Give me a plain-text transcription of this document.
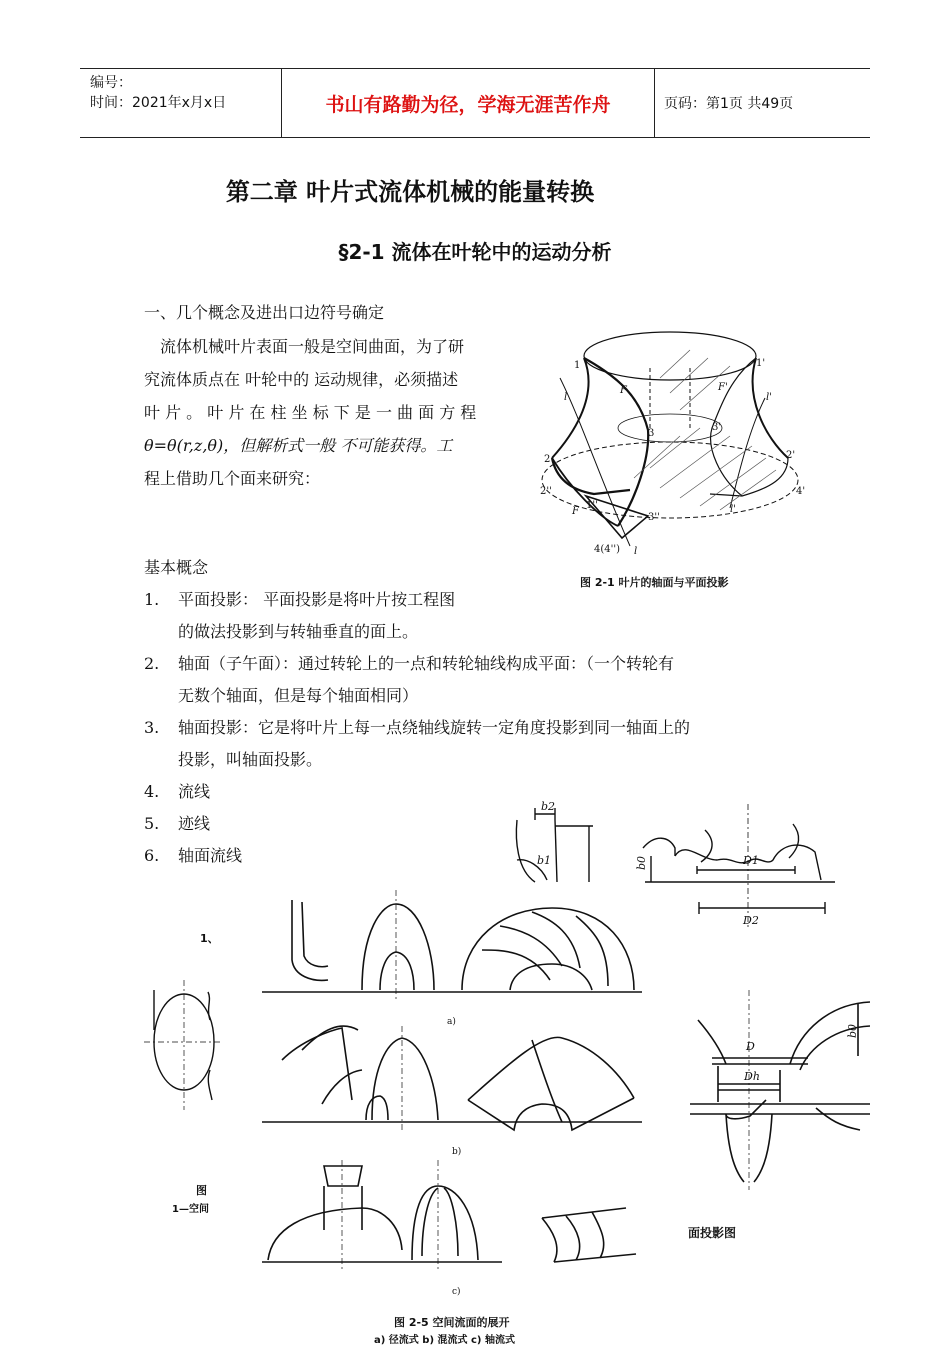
编号：
时间：2021年x月x日	书山有路勤为径，学海无涯苦作舟	页码：第1页 共49页
第二章 叶片式流体机械的能量转换
§2-1 流体在叶轮中的运动分析
一、几个概念及进出口边符号确定
流体机械叶片表面一般是空间曲面，为了研
究流体质点在 叶轮中的 运动规律，必须描述
叶 片 。 叶 片 在 柱 坐 标 下 是 一 曲 面 方 程
θ=θ(r,z,θ)，但解析式一般 不可能获得。工
程上借助几个面来研究：
1	1'
F	F'
l	l'
2	2'
2''
3
3'
3''
4(4'')
4'
F
1''	l'
l
图 2-1 叶片的轴面与平面投影
基本概念
1. 平面投影： 平面投影是将叶片按工程图
的做法投影到与转轴垂直的面上。
2. 轴面（子午面）：通过转轮上的一点和转轮轴线构成平面：（一个转轮有
无数个轴面，但是每个轴面相同）
3. 轴面投影：它是将叶片上每一点绕轴线旋转一定角度投影到同一轴面上的
投影，叫轴面投影。
4. 流线
5. 迹线
6. 轴面流线
b2
b1	b0	D1
D2
a)
b)
c)
D
Dh
b0
面投影图
1、
图
1—空间
图 2-5 空间流面的展开
a) 径流式 b) 混流式 c) 轴流式
